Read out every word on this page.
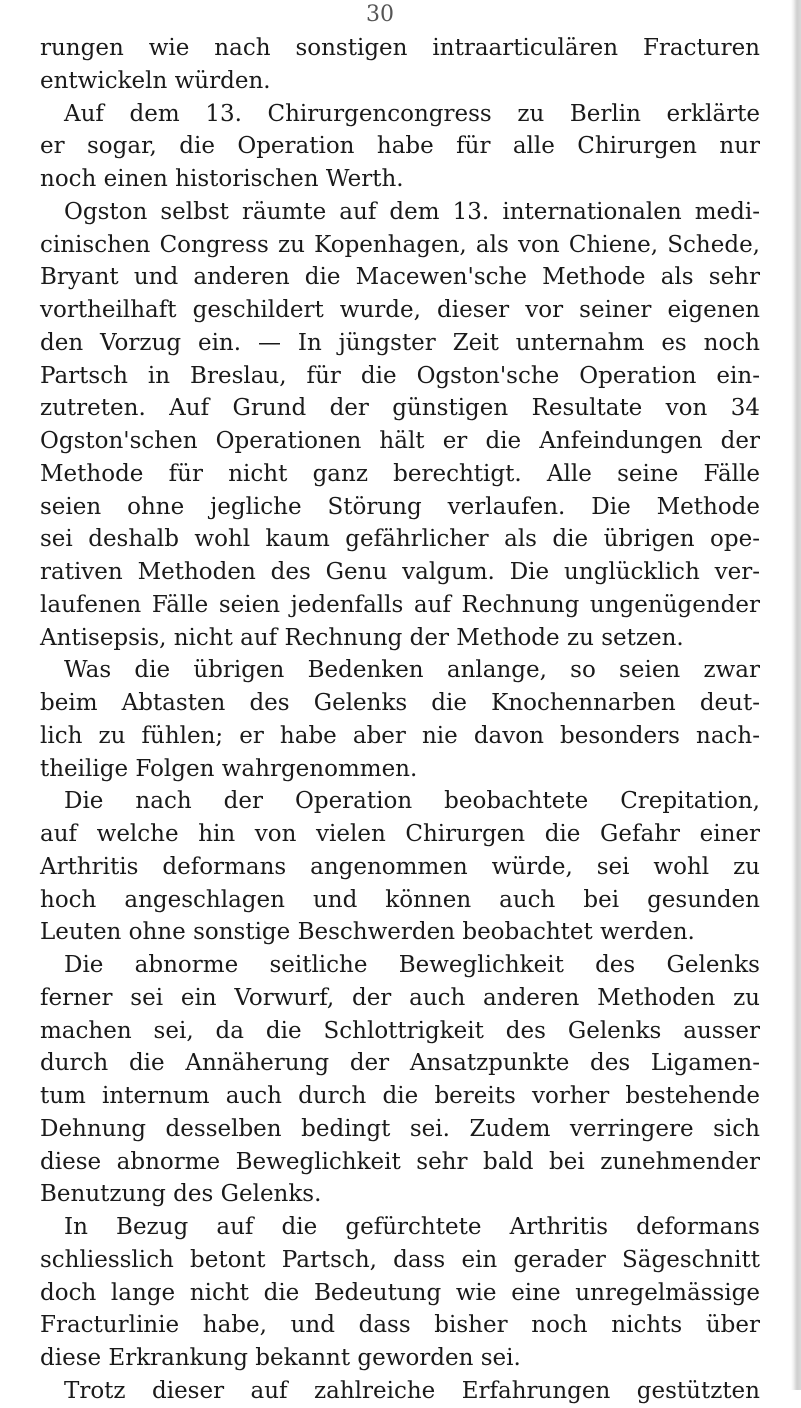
30

rungen wie nach sonstigen intraarticulären Fracturen
entwickeln würden.
Auf dem 13. Chirurgencongress zu Berlin erklärte
er sogar, die Operation habe für alle Chirurgen nur
noch einen historischen Werth.
Ogston selbst räumte auf dem 13. internationalen medi-
cinischen Congress zu Kopenhagen, als von Chiene, Schede,
Bryant und anderen die Macewen'sche Methode als sehr
vortheilhaft geschildert wurde, dieser vor seiner eigenen
den Vorzug ein. — In jüngster Zeit unternahm es noch
Partsch in Breslau, für die Ogston'sche Operation ein-
zutreten. Auf Grund der günstigen Resultate von 34
Ogston'schen Operationen hält er die Anfeindungen der
Methode für nicht ganz berechtigt. Alle seine Fälle
seien ohne jegliche Störung verlaufen. Die Methode
sei deshalb wohl kaum gefährlicher als die übrigen ope-
rativen Methoden des Genu valgum. Die unglücklich ver-
laufenen Fälle seien jedenfalls auf Rechnung ungenügender
Antisepsis, nicht auf Rechnung der Methode zu setzen.
Was die übrigen Bedenken anlange, so seien zwar
beim Abtasten des Gelenks die Knochennarben deut-
lich zu fühlen; er habe aber nie davon besonders nach-
theilige Folgen wahrgenommen.
Die nach der Operation beobachtete Crepitation,
auf welche hin von vielen Chirurgen die Gefahr einer
Arthritis deformans angenommen würde, sei wohl zu
hoch angeschlagen und können auch bei gesunden
Leuten ohne sonstige Beschwerden beobachtet werden.
Die abnorme seitliche Beweglichkeit des Gelenks
ferner sei ein Vorwurf, der auch anderen Methoden zu
machen sei, da die Schlottrigkeit des Gelenks ausser
durch die Annäherung der Ansatzpunkte des Ligamen-
tum internum auch durch die bereits vorher bestehende
Dehnung desselben bedingt sei. Zudem verringere sich
diese abnorme Beweglichkeit sehr bald bei zunehmender
Benutzung des Gelenks.
In Bezug auf die gefürchtete Arthritis deformans
schliesslich betont Partsch, dass ein gerader Sägeschnitt
doch lange nicht die Bedeutung wie eine unregelmässige
Fracturlinie habe, und dass bisher noch nichts über
diese Erkrankung bekannt geworden sei.
Trotz dieser auf zahlreiche Erfahrungen gestützten
